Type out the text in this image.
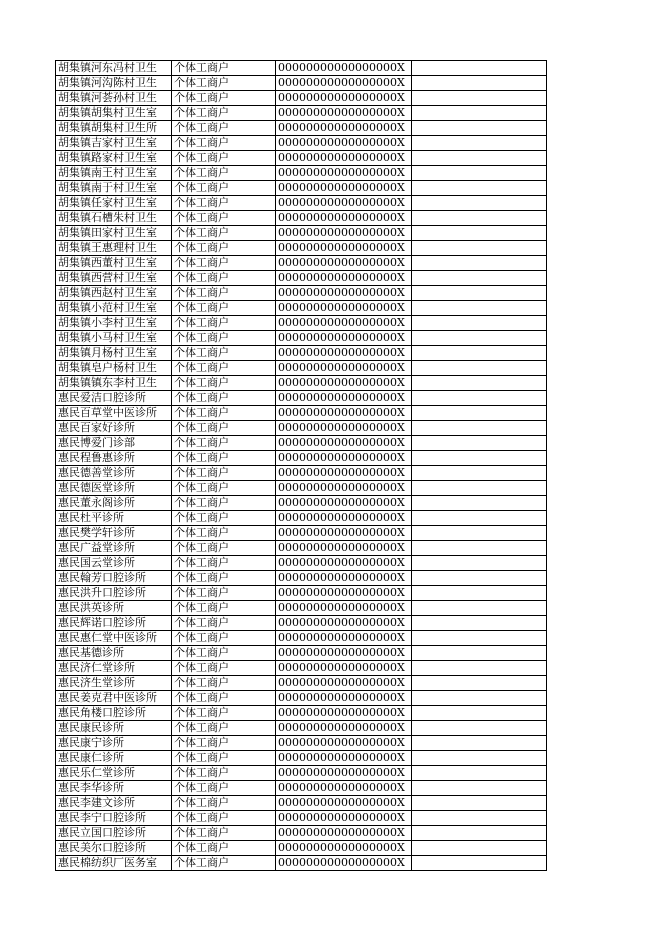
胡集镇河东冯村卫生	个体工商户	00000000000000000X	
胡集镇河沟陈村卫生	个体工商户	00000000000000000X	
胡集镇河荟孙村卫生	个体工商户	00000000000000000X	
胡集镇胡集村卫生室	个体工商户	00000000000000000X	
胡集镇胡集村卫生所	个体工商户	00000000000000000X	
胡集镇吉家村卫生室	个体工商户	00000000000000000X	
胡集镇路家村卫生室	个体工商户	00000000000000000X	
胡集镇南王村卫生室	个体工商户	00000000000000000X	
胡集镇南于村卫生室	个体工商户	00000000000000000X	
胡集镇任家村卫生室	个体工商户	00000000000000000X	
胡集镇石槽朱村卫生	个体工商户	00000000000000000X	
胡集镇田家村卫生室	个体工商户	00000000000000000X	
胡集镇王惠理村卫生	个体工商户	00000000000000000X	
胡集镇西董村卫生室	个体工商户	00000000000000000X	
胡集镇西营村卫生室	个体工商户	00000000000000000X	
胡集镇西赵村卫生室	个体工商户	00000000000000000X	
胡集镇小范村卫生室	个体工商户	00000000000000000X	
胡集镇小李村卫生室	个体工商户	00000000000000000X	
胡集镇小马村卫生室	个体工商户	00000000000000000X	
胡集镇月杨村卫生室	个体工商户	00000000000000000X	
胡集镇皂户杨村卫生	个体工商户	00000000000000000X	
胡集镇镇东李村卫生	个体工商户	00000000000000000X	
惠民爱洁口腔诊所	个体工商户	00000000000000000X	
惠民百草堂中医诊所	个体工商户	00000000000000000X	
惠民百家好诊所	个体工商户	00000000000000000X	
惠民博爱门诊部	个体工商户	00000000000000000X	
惠民程鲁惠诊所	个体工商户	00000000000000000X	
惠民德善堂诊所	个体工商户	00000000000000000X	
惠民德医堂诊所	个体工商户	00000000000000000X	
惠民董永阁诊所	个体工商户	00000000000000000X	
惠民杜平诊所	个体工商户	00000000000000000X	
惠民樊学轩诊所	个体工商户	00000000000000000X	
惠民广益堂诊所	个体工商户	00000000000000000X	
惠民国云堂诊所	个体工商户	00000000000000000X	
惠民翰芳口腔诊所	个体工商户	00000000000000000X	
惠民洪升口腔诊所	个体工商户	00000000000000000X	
惠民洪英诊所	个体工商户	00000000000000000X	
惠民辉诺口腔诊所	个体工商户	00000000000000000X	
惠民惠仁堂中医诊所	个体工商户	00000000000000000X	
惠民基德诊所	个体工商户	00000000000000000X	
惠民济仁堂诊所	个体工商户	00000000000000000X	
惠民济生堂诊所	个体工商户	00000000000000000X	
惠民姜克君中医诊所	个体工商户	00000000000000000X	
惠民角楼口腔诊所	个体工商户	00000000000000000X	
惠民康民诊所	个体工商户	00000000000000000X	
惠民康宁诊所	个体工商户	00000000000000000X	
惠民康仁诊所	个体工商户	00000000000000000X	
惠民乐仁堂诊所	个体工商户	00000000000000000X	
惠民李华诊所	个体工商户	00000000000000000X	
惠民李建文诊所	个体工商户	00000000000000000X	
惠民李宁口腔诊所	个体工商户	00000000000000000X	
惠民立国口腔诊所	个体工商户	00000000000000000X	
惠民美尔口腔诊所	个体工商户	00000000000000000X	
惠民棉纺织厂医务室	个体工商户	00000000000000000X	
